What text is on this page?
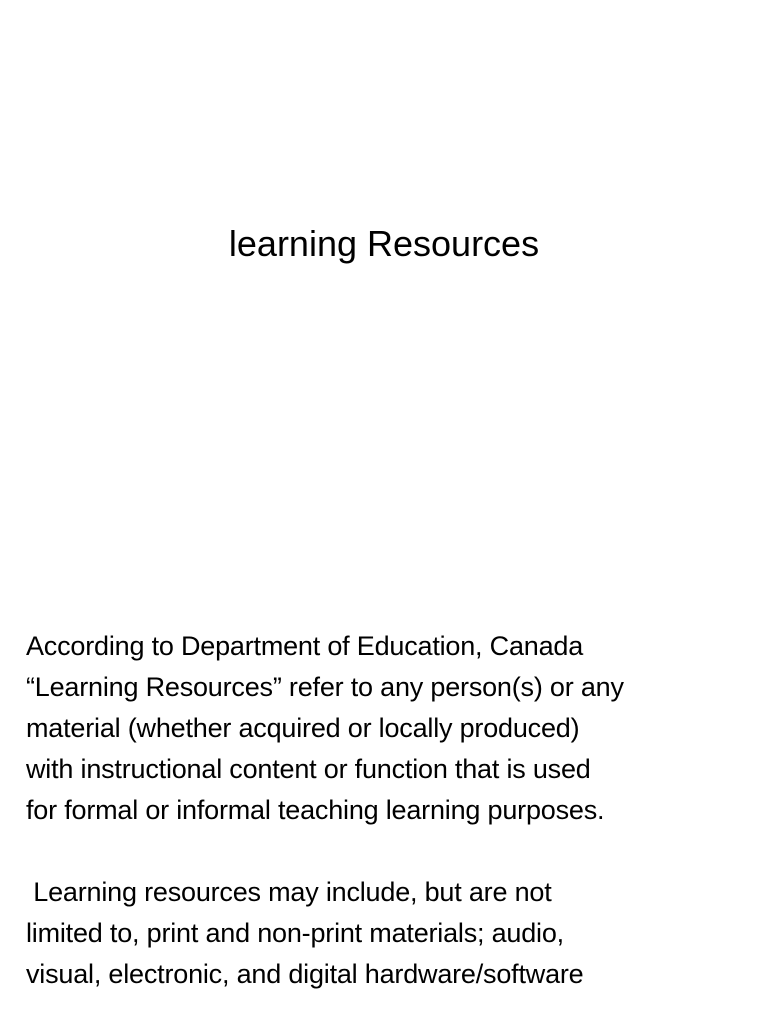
learning Resources

According to Department of Education, Canada
“Learning Resources” refer to any person(s) or any
material (whether acquired or locally produced)
with instructional content or function that is used
for formal or informal teaching learning purposes.

Learning resources may include, but are not
limited to, print and non-print materials; audio,
visual, electronic, and digital hardware/software
